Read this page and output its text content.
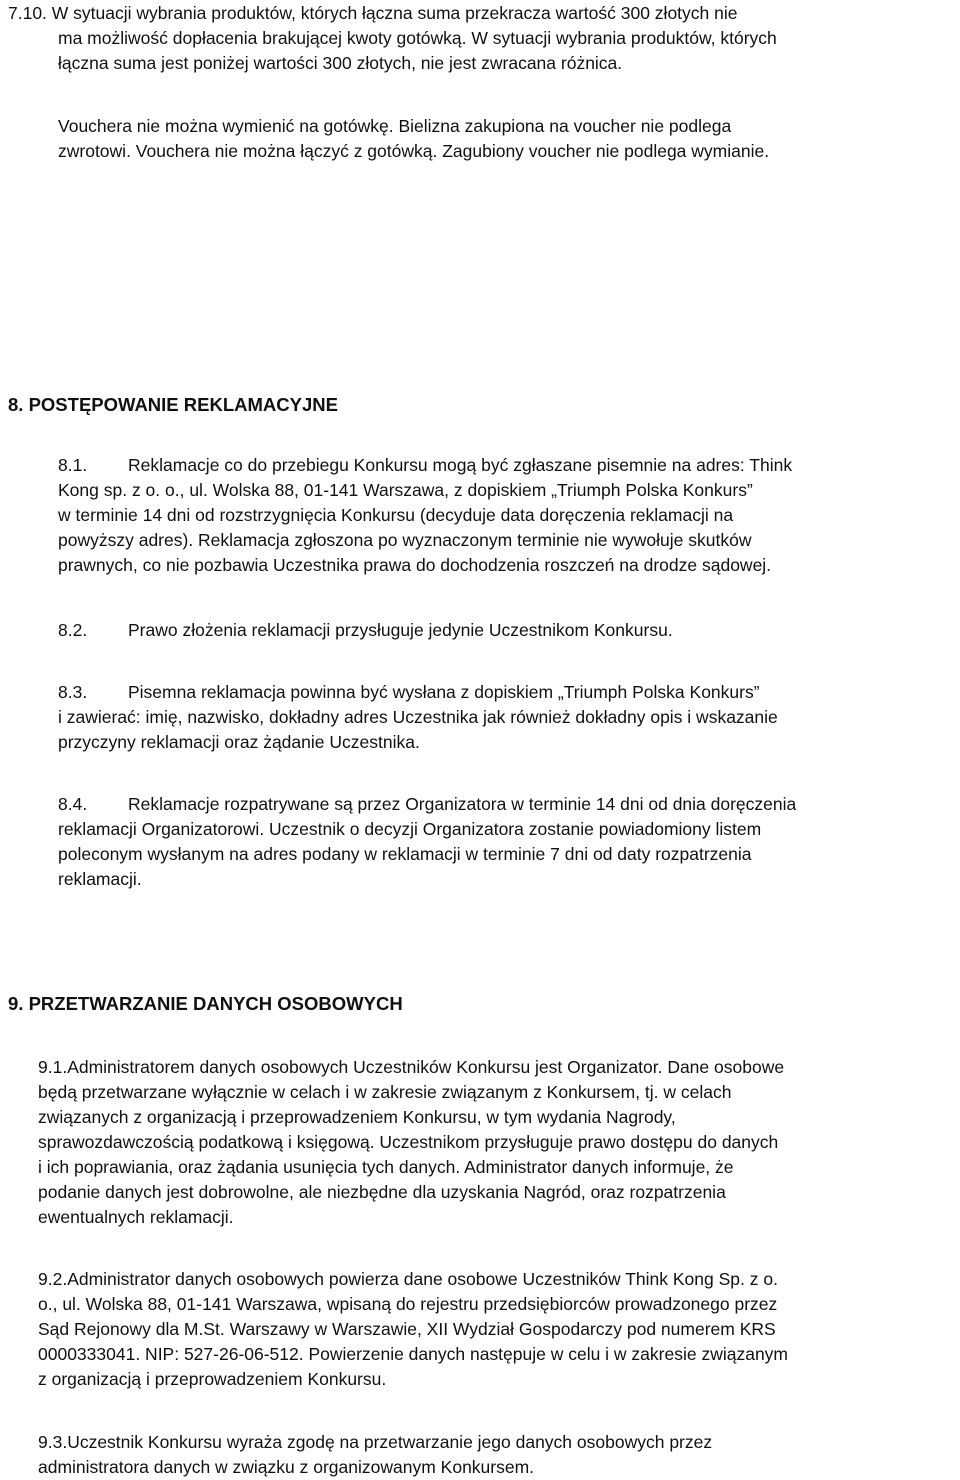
7.10. W sytuacji wybrania produktów, których łączna suma przekracza wartość 300 złotych nie
ma możliwość dopłacenia brakującej kwoty gotówką. W sytuacji wybrania produktów, których
łączna suma jest poniżej wartości 300 złotych, nie jest zwracana różnica.
Vouchera nie można wymienić na gotówkę. Bielizna zakupiona na voucher nie podlega
zwrotowi. Vouchera nie można łączyć z gotówką. Zagubiony voucher nie podlega wymianie.
8. POSTĘPOWANIE REKLAMACYJNE
8.1. Reklamacje co do przebiegu Konkursu mogą być zgłaszane pisemnie na adres: Think
Kong sp. z o. o., ul. Wolska 88, 01-141 Warszawa, z dopiskiem „Triumph Polska Konkurs”
w terminie 14 dni od rozstrzygnięcia Konkursu (decyduje data doręczenia reklamacji na
powyższy adres). Reklamacja zgłoszona po wyznaczonym terminie nie wywołuje skutków
prawnych, co nie pozbawia Uczestnika prawa do dochodzenia roszczeń na drodze sądowej.
8.2. Prawo złożenia reklamacji przysługuje jedynie Uczestnikom Konkursu.
8.3. Pisemna reklamacja powinna być wysłana z dopiskiem „Triumph Polska Konkurs”
i zawierać: imię, nazwisko, dokładny adres Uczestnika jak również dokładny opis i wskazanie
przyczyny reklamacji oraz żądanie Uczestnika.
8.4. Reklamacje rozpatrywane są przez Organizatora w terminie 14 dni od dnia doręczenia
reklamacji Organizatorowi. Uczestnik o decyzji Organizatora zostanie powiadomiony listem
poleconym wysłanym na adres podany w reklamacji w terminie 7 dni od daty rozpatrzenia
reklamacji.
9. PRZETWARZANIE DANYCH OSOBOWYCH
9.1.Administratorem danych osobowych Uczestników Konkursu jest Organizator. Dane osobowe
będą przetwarzane wyłącznie w celach i w zakresie związanym z Konkursem, tj. w celach
związanych z organizacją i przeprowadzeniem Konkursu, w tym wydania Nagrody,
sprawozdawczością podatkową i księgową. Uczestnikom przysługuje prawo dostępu do danych
i ich poprawiania, oraz żądania usunięcia tych danych. Administrator danych informuje, że
podanie danych jest dobrowolne, ale niezbędne dla uzyskania Nagród, oraz rozpatrzenia
ewentualnych reklamacji.
9.2.Administrator danych osobowych powierza dane osobowe Uczestników Think Kong Sp. z o.
o., ul. Wolska 88, 01-141 Warszawa, wpisaną do rejestru przedsiębiorców prowadzonego przez
Sąd Rejonowy dla M.St. Warszawy w Warszawie, XII Wydział Gospodarczy pod numerem KRS
0000333041. NIP: 527-26-06-512. Powierzenie danych następuje w celu i w zakresie związanym
z organizacją i przeprowadzeniem Konkursu.
9.3.Uczestnik Konkursu wyraża zgodę na przetwarzanie jego danych osobowych przez
administratora danych w związku z organizowanym Konkursem.
